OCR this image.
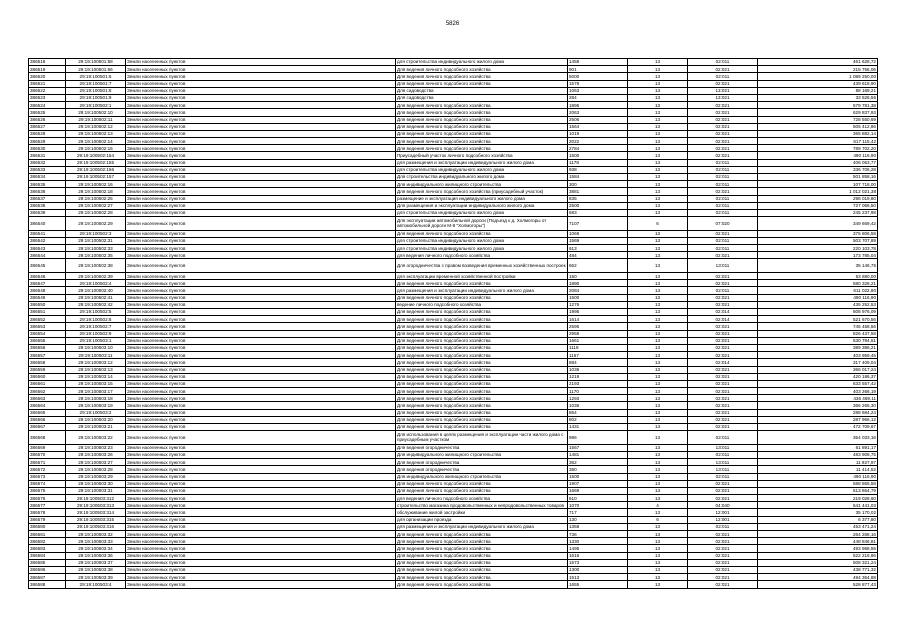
5826
386518	29:19:100501:58	Земли населенных пунктов	для строительства индивидуального жилого дома	1458	13	02:011	461 628,72
386519	29:19:100501:66	Земли населенных пунктов	Для ведения личного подсобного хозяйства	901	13	02:021	215 756,06
386520	29:19:100501:6	Земли населенных пунктов	Для ведения личного подсобного хозяйства	5000	13	02:011	1 089 250,00
386521	29:19:100501:7	Земли населенных пунктов	Для ведения личного подсобного хозяйства	1578	13	02:021	439 618,90
386522	29:19:100501:8	Земли населенных пунктов	Для садоводства	1063	13	13:021	88 169,21
386523	29:19:100501:9	Земли населенных пунктов	Для садоводства	284	13	13:021	33 526,56
386524	29:19:100502:1	Земли населенных пунктов	Для ведения личного подсобного хозяйства	1896	13	02:021	579 781,38
386525	29:19:100502:10	Земли населенных пунктов	Для ведения личного подсобного хозяйства	2063	13	02:021	629 837,93
386526	29:19:100502:11	Земли населенных пунктов	Для ведения личного подсобного хозяйства	2506	13	02:021	728 550,69
386527	29:19:100502:12	Земли населенных пунктов	Для ведения личного подсобного хозяйства	1564	13	02:021	505 412,86
386528	29:19:100502:13	Земли населенных пунктов	Для ведения личного подсобного хозяйства	1019	13	02:021	365 882,14
386529	29:19:100502:14	Земли населенных пунктов	Для ведения личного подсобного хозяйства	2022	13	02:021	617 115,42
386530	29:19:100502:15	Земли населенных пунктов	Для ведения личного подсобного хозяйства	2784	13	02:021	789 702,20
386531	29:19:100502:154	Земли населенных пунктов	Приусадебный участок личного подсобного хозяйства	1500	13	02:021	490 116,90
386532	29:19:100502:155	Земли населенных пунктов	для размещения и эксплуатации индивидуального жилого дома	1178	13	02:011	406 053,77
386533	29:19:100502:156	Земли населенных пунктов	для строительства индивидуального жилого дома	938	13	02:011	336 706,28
386534	29:19:100502:157	Земли населенных пунктов	Для строительства индивидуального жилого дома	1584	13	02:011	501 858,16
386535	29:19:100502:16	Земли населенных пунктов	Для индивидуального жилищного строительства	300	13	02:011	107 718,00
386536	29:19:100502:18	Земли населенных пунктов	Для ведения личного подсобного хозяйства (приусадебный участок)	3881	13	02:021	1 012 021,38
386537	29:19:100502:25	Земли населенных пунктов	размещение и эксплуатация индивидуального жилого дома	835	13	02:011	298 019,80
386538	29:19:100502:27	Земли населенных пунктов	Для размещения и эксплуатации индивидуального жилого дома	2500	13	02:011	727 066,50
386539	29:19:100502:28	Земли населенных пунктов	для строительства индивидуального жилого дома	683	13	02:011	245 237,98
386540	29:19:100502:29	Земли населенных пунктов	Для эксплуатации автомобильной дороги (Подъезд к д. Холмогоры от автомобильной дороги М-8 "Холмогоры")	7107	6	07:020	349 669,42
386541	29:19:100502:3	Земли населенных пунктов	Для ведения личного подсобного хозяйства	1068	13	02:021	375 806,58
386542	29:19:100502:31	Земли населенных пунктов	для строительства индивидуального жилого дома	1569	13	02:011	503 707,89
386543	29:19:100502:33	Земли населенных пунктов	для строительства индивидуального жилого дома	613	13	02:011	220 103,78
386544	29:19:100502:35	Земли населенных пунктов	для ведения личного подсобного хозяйства	484	13	02:021	173 785,04
386545	29:19:100502:38	Земли населенных пунктов	Для огородничества с правом возведения временных хозяйственных построек	662	13	13:011	35 146,75
386546	29:19:100502:39	Земли населенных пунктов	для эксплуатации временной хозяйственной постройки	150	13	02:021	53 880,00
386547	29:19:100502:4	Земли населенных пунктов	Для ведения личного подсобного хозяйства	1890	13	02:021	580 328,21
386548	29:19:100502:40	Земли населенных пунктов	для размещения и эксплуатации индивидуального жилого дома	2084	13	02:011	611 022,80
386549	29:19:100502:41	Земли населенных пунктов	Для ведения личного подсобного хозяйства	1500	13	02:021	490 116,90
386550	29:19:100502:42	Земли населенных пунктов	ведение личного подсобного хозяйства	1276	13	02:021	435 252,53
386551	29:19:100502:5	Земли населенных пунктов	Для ведения личного подсобного хозяйства	1995	13	02:014	608 976,09
386552	29:19:100502:6	Земли населенных пунктов	Для ведения личного подсобного хозяйства	1614	13	02:014	521 670,56
386553	29:19:100502:7	Земли населенных пунктов	Для ведения личного подсобного хозяйства	2595	13	02:021	745 458,56
386554	29:19:100502:9	Земли населенных пунктов	Для ведения личного подсобного хозяйства	2958	13	02:021	826 437,58
386555	29:19:100503:1	Земли населенных пунктов	Для ведения личного подсобного хозяйства	1661	13	02:021	530 794,61
386556	29:19:100503:10	Земли населенных пунктов	Для ведения личного подсобного хозяйства	1118	13	02:021	389 386,21
386557	29:19:100503:11	Земли населенных пунктов	Для ведения личного подсобного хозяйства	1157	13	02:021	403 959,45
386558	29:19:100503:12	Земли населенных пунктов	Для ведения личного подсобного хозяйства	884	13	02:014	317 409,04
386559	29:19:100503:13	Земли населенных пунктов	Для ведения личного подсобного хозяйства	1036	13	02:021	366 017,24
386560	29:19:100503:14	Земли населенных пунктов	Для ведения личного подсобного хозяйства	1219	13	02:021	420 186,37
386561	29:19:100503:15	Земли населенных пунктов	Для ведения личного подсобного хозяйства	2193	13	02:021	633 557,42
386562	29:19:100503:17	Земли населенных пунктов	Для ведения личного подсобного хозяйства	1170	13	02:021	403 266,19
386563	29:19:100503:18	Земли населенных пунктов	Для ведения личного подсобного хозяйства	1293	13	02:021	436 469,11
386564	29:19:100503:19	Земли населенных пунктов	Для ведения личного подсобного хозяйства	1036	13	02:021	366 266,30
386565	29:19:100503:2	Земли населенных пунктов	Для ведения личного подсобного хозяйства	864	13	02:021	288 684,24
386566	29:19:100503:20	Земли населенных пунктов	Для ведения личного подсобного хозяйства	802	13	02:021	287 966,12
386567	29:19:100503:21	Земли населенных пунктов	Для ведения личного подсобного хозяйства	1431	13	02:021	472 709,67
386568	29:19:100503:22	Земли населенных пунктов	Для использования в целях размещения и эксплуатации части жилого дома с приусадебным участком	986	13	02:011	354 033,16
386569	29:19:100503:23	Земли населенных пунктов	Для ведения огородничества	1567	13	13:011	61 891,17
386570	29:19:100503:26	Земли населенных пунктов	Для индивидуального жилищного строительства	1481	13	02:011	483 908,75
386571	29:19:100503:27	Земли населенных пунктов	Для ведения огородничества	362	13	13:011	11 927,97
386572	29:19:100503:28	Земли населенных пунктов	Для ведения огородничества	380	13	13:011	11 414,52
386573	29:19:100503:29	Земли населенных пунктов	Для индивидуального жилищного строительства	1500	13	02:011	490 116,90
386574	29:19:100503:30	Земли населенных пунктов	Для ведения личного подсобного хозяйства	1907	13	02:021	588 865,58
386575	29:19:100503:31	Земли населенных пунктов	Для ведения личного подсобного хозяйства	1669	13	02:021	513 654,79
386576	29:19:100503:312	Земли населенных пунктов	для ведения личного подсобного хозяйства	610	13	02:021	219 028,60
386577	29:19:100503:313	Земли населенных пунктов	строительство магазина продовольственных и непродовольственных товаров	1070	4	04:040	641 441,03
386578	29:19:100503:314	Земли населенных пунктов	обслуживание жилой застройки	717	13	12:001	35 170,02
386579	29:19:100503:315	Земли населенных пунктов	для организации проезда	130	6	12:001	6 377,80
386580	29:19:100503:316	Земли населенных пунктов	для размещения и эксплуатации индивидуального жилого дома	1358	13	02:011	453 471,24
386581	29:19:100503:32	Земли населенных пунктов	Для ведения личного подсобного хозяйства	736	13	02:021	264 268,16
386582	29:19:100503:33	Земли населенных пунктов	Для ведения личного подсобного хозяйства	1330	13	02:021	448 846,81
386583	29:19:100503:34	Земли населенных пунктов	Для ведения личного подсобного хозяйства	1495	13	02:021	493 968,55
386584	29:19:100503:36	Земли населенных пунктов	Для ведения личного подсобного хозяйства	1616	13	02:021	522 216,86
386585	29:19:100503:37	Земли населенных пунктов	Для ведения личного подсобного хозяйства	1573	13	02:021	508 321,24
386586	29:19:100503:38	Земли населенных пунктов	Для ведения личного подсобного хозяйства	1300	13	02:021	438 771,32
386587	29:19:100503:39	Земли населенных пунктов	Для ведения личного подсобного хозяйства	1513	13	02:021	494 364,88
386588	29:19:100503:4	Земли населенных пунктов	Для ведения личного подсобного хозяйства	1655	13	02:021	528 877,43
